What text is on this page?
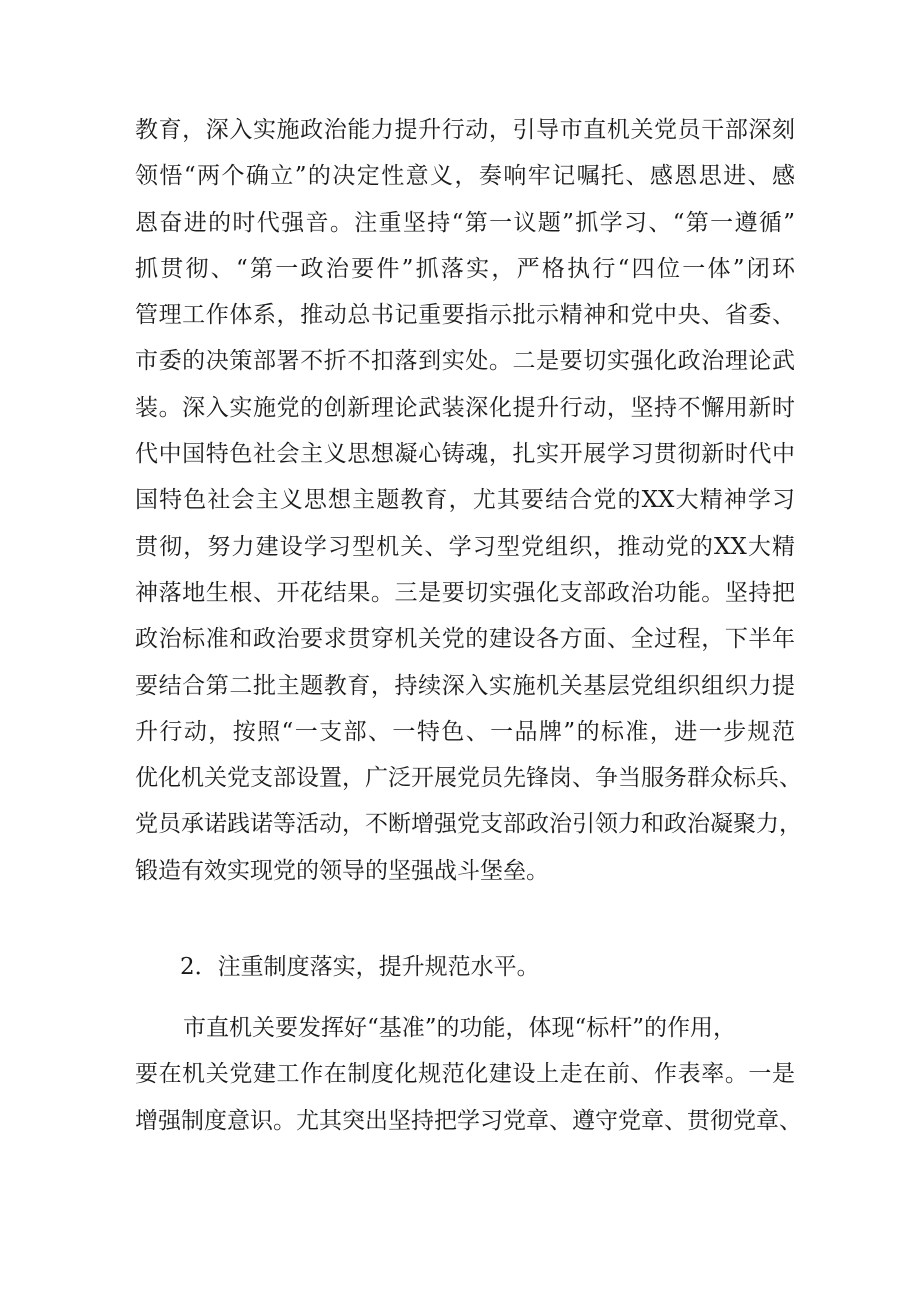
教育，深入实施政治能力提升行动，引导市直机关党员干部深刻
领悟“两个确立”的决定性意义，奏响牢记嘱托、感恩思进、感
恩奋进的时代强音。注重坚持“第一议题”抓学习、“第一遵循”
抓贯彻、“第一政治要件”抓落实，严格执行“四位一体”闭环
管理工作体系，推动总书记重要指示批示精神和党中央、省委、
市委的决策部署不折不扣落到实处。二是要切实强化政治理论武
装。深入实施党的创新理论武装深化提升行动，坚持不懈用新时
代中国特色社会主义思想凝心铸魂，扎实开展学习贯彻新时代中
国特色社会主义思想主题教育，尤其要结合党的XX大精神学习
贯彻，努力建设学习型机关、学习型党组织，推动党的XX大精
神落地生根、开花结果。三是要切实强化支部政治功能。坚持把
政治标准和政治要求贯穿机关党的建设各方面、全过程，下半年
要结合第二批主题教育，持续深入实施机关基层党组织组织力提
升行动，按照“一支部、一特色、一品牌”的标准，进一步规范
优化机关党支部设置，广泛开展党员先锋岗、争当服务群众标兵、
党员承诺践诺等活动，不断增强党支部政治引领力和政治凝聚力，
锻造有效实现党的领导的坚强战斗堡垒。
2．注重制度落实，提升规范水平。
市直机关要发挥好“基准”的功能，体现“标杆”的作用，
要在机关党建工作在制度化规范化建设上走在前、作表率。一是
增强制度意识。尤其突出坚持把学习党章、遵守党章、贯彻党章、
